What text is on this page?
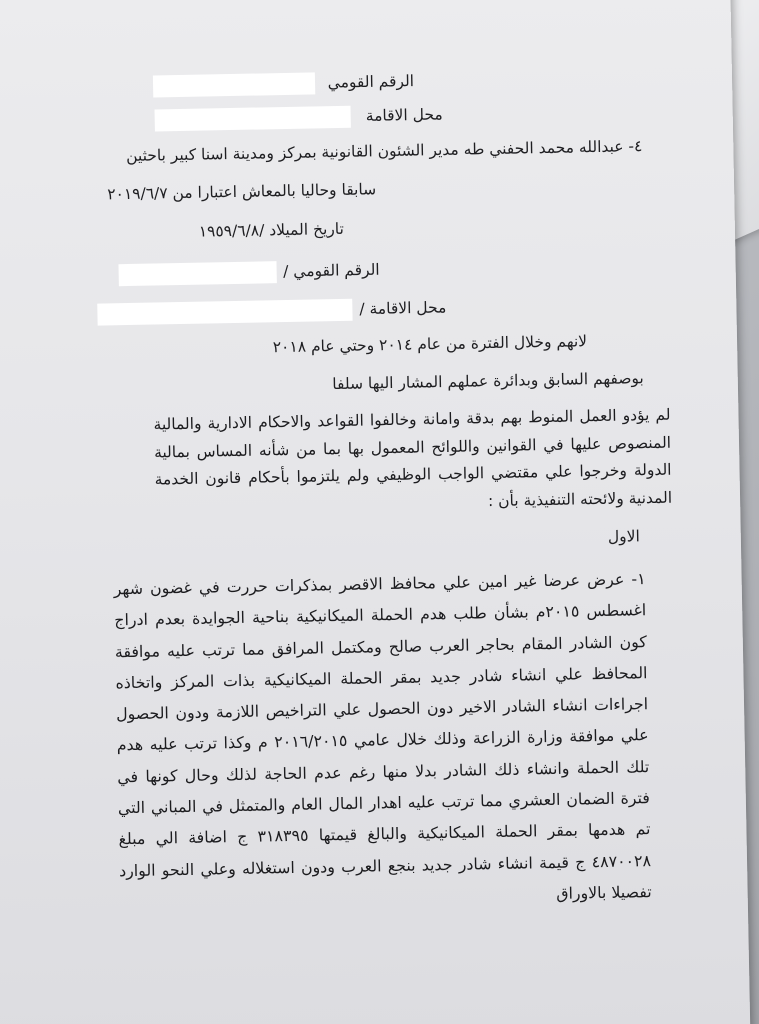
الرقم القومي
محل الاقامة
٤- عبدالله محمد الحفني طه مدير الشئون القانونية بمركز ومدينة اسنا كبير باحثين
سابقا وحاليا بالمعاش اعتبارا من ٢٠١٩/٦/٧
تاريخ الميلاد /١٩٥٩/٦/٨
الرقم القومي /
محل الاقامة /
لانهم وخلال الفترة من عام ٢٠١٤ وحتي عام ٢٠١٨
بوصفهم السابق وبدائرة عملهم المشار اليها سلفا
لم يؤدو العمل المنوط بهم بدقة وامانة وخالفوا القواعد والاحكام الادارية والمالية المنصوص عليها في القوانين واللوائح المعمول بها بما من شأنه المساس بمالية الدولة وخرجوا علي مقتضي الواجب الوظيفي ولم يلتزموا بأحكام قانون الخدمة المدنية ولائحته التنفيذية بأن :
الاول
١- عرض عرضا غير امين علي محافظ الاقصر بمذكرات حررت في غضون شهر اغسطس ٢٠١٥م بشأن طلب هدم الحملة الميكانيكية بناحية الجوايدة بعدم ادراج كون الشادر المقام بحاجر العرب صالح ومكتمل المرافق مما ترتب عليه موافقة المحافظ علي انشاء شادر جديد بمقر الحملة الميكانيكية بذات المركز واتخاذه اجراءات انشاء الشادر الاخير دون الحصول علي التراخيص اللازمة ودون الحصول علي موافقة وزارة الزراعة وذلك خلال عامي ٢٠١٦/٢٠١٥ م وكذا ترتب عليه هدم تلك الحملة وانشاء ذلك الشادر بدلا منها رغم عدم الحاجة لذلك وحال كونها في فترة الضمان العشري مما ترتب عليه اهدار المال العام والمتمثل في المباني التي تم هدمها بمقر الحملة الميكانيكية والبالغ قيمتها ٣١٨٣٩٥ ج اضافة الي مبلغ ٤٨٧٠٠٢٨ ج قيمة انشاء شادر جديد بنجع العرب ودون استغلاله وعلي النحو الوارد تفصيلا بالاوراق
